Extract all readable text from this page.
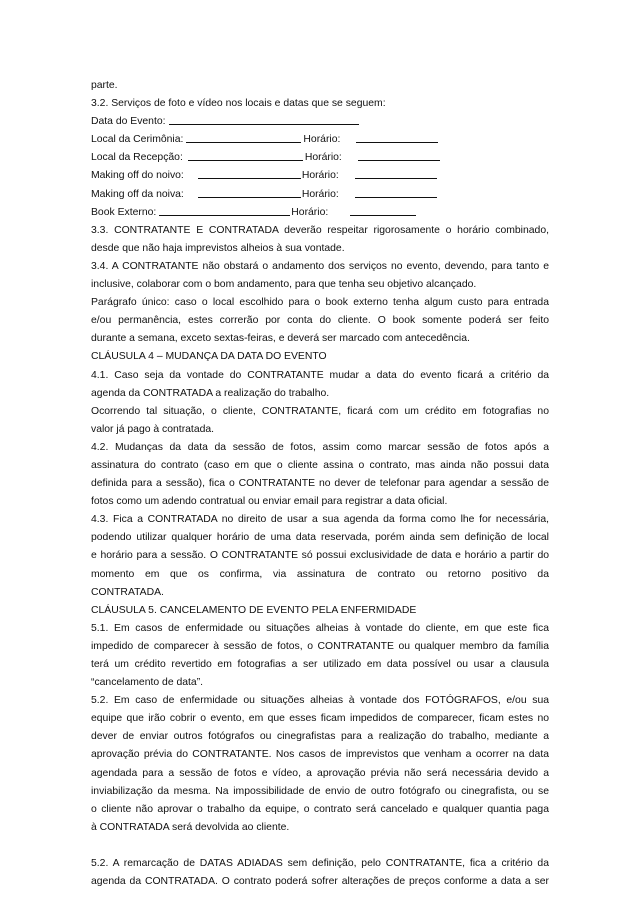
parte.
3.2. Serviços de foto e vídeo nos locais e datas que se seguem:
Data do Evento:
Local da Cerimônia:	Horário:
Local da Recepção:	Horário:
Making off do noivo:	Horário:
Making off da noiva:	Horário:
Book Externo:	Horário:
3.3. CONTRATANTE E CONTRATADA deverão respeitar rigorosamente o horário combinado,
desde que não haja imprevistos alheios à sua vontade.
3.4. A CONTRATANTE não obstará o andamento dos serviços no evento, devendo, para tanto e
inclusive, colaborar com o bom andamento, para que tenha seu objetivo alcançado.
Parágrafo único: caso o local escolhido para o book externo tenha algum custo para entrada
e/ou permanência, estes correrão por conta do cliente. O book somente poderá ser feito
durante a semana, exceto sextas-feiras, e deverá ser marcado com antecedência.
CLÁUSULA 4 – MUDANÇA DA DATA DO EVENTO
4.1. Caso seja da vontade do CONTRATANTE mudar a data do evento ficará a critério da
agenda da CONTRATADA a realização do trabalho.
Ocorrendo tal situação, o cliente, CONTRATANTE, ficará com um crédito em fotografias no
valor já pago à contratada.
4.2. Mudanças da data da sessão de fotos, assim como marcar sessão de fotos após a
assinatura do contrato (caso em que o cliente assina o contrato, mas ainda não possui data
definida para a sessão), fica o CONTRATANTE no dever de telefonar para agendar a sessão de
fotos como um adendo contratual ou enviar email para registrar a data oficial.
4.3. Fica a CONTRATADA no direito de usar a sua agenda da forma como lhe for necessária,
podendo utilizar qualquer horário de uma data reservada, porém ainda sem definição de local
e horário para a sessão. O CONTRATANTE só possui exclusividade de data e horário a partir do
momento em que os confirma, via assinatura de contrato ou retorno positivo da
CONTRATADA.
CLÁUSULA 5. CANCELAMENTO DE EVENTO PELA ENFERMIDADE
5.1. Em casos de enfermidade ou situações alheias à vontade do cliente, em que este fica
impedido de comparecer à sessão de fotos, o CONTRATANTE ou qualquer membro da família
terá um crédito revertido em fotografias a ser utilizado em data possível ou usar a clausula
“cancelamento de data”.
5.2. Em caso de enfermidade ou situações alheias à vontade dos FOTÓGRAFOS, e/ou sua
equipe que irão cobrir o evento, em que esses ficam impedidos de comparecer, ficam estes no
dever de enviar outros fotógrafos ou cinegrafistas para a realização do trabalho, mediante a
aprovação prévia do CONTRATANTE. Nos casos de imprevistos que venham a ocorrer na data
agendada para a sessão de fotos e vídeo, a aprovação prévia não será necessária devido a
inviabilização da mesma. Na impossibilidade de envio de outro fotógrafo ou cinegrafista, ou se
o cliente não aprovar o trabalho da equipe, o contrato será cancelado e qualquer quantia paga
à CONTRATADA será devolvida ao cliente.
5.2. A remarcação de DATAS ADIADAS sem definição, pelo CONTRATANTE, fica a critério da
agenda da CONTRATADA. O contrato poderá sofrer alterações de preços conforme a data a ser
